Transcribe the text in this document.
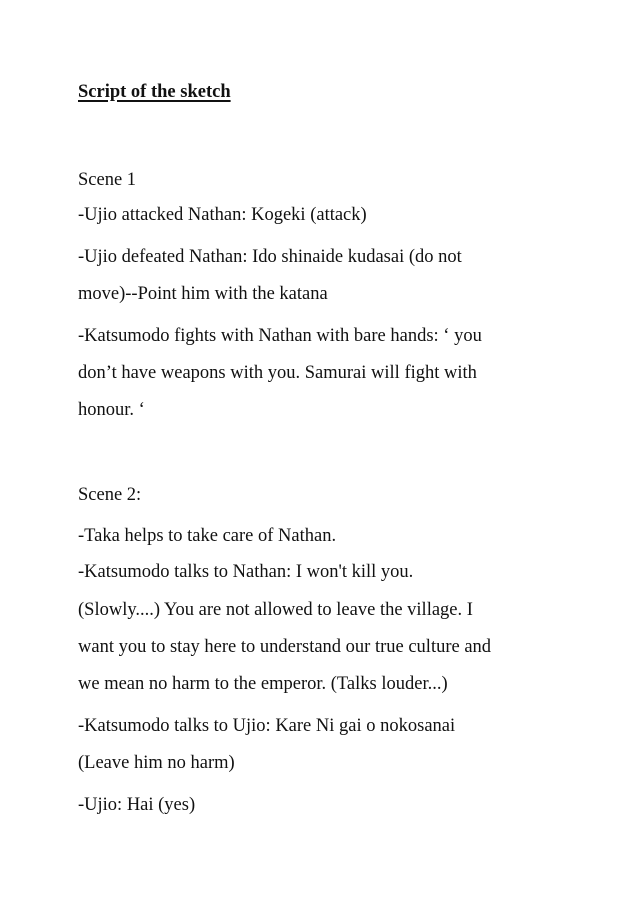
Script of the sketch
Scene 1
-Ujio attacked Nathan: Kogeki (attack)
-Ujio defeated Nathan: Ido shinaide kudasai (do not
move)--Point him with the katana
-Katsumodo fights with Nathan with bare hands: ‘ you
don’t have weapons with you. Samurai will fight with
honour. ‘
Scene 2:
-Taka helps to take care of Nathan.
-Katsumodo talks to Nathan: I won't kill you.
(Slowly....) You are not allowed to leave the village. I
want you to stay here to understand our true culture and
we mean no harm to the emperor. (Talks louder...)
-Katsumodo talks to Ujio: Kare Ni gai o nokosanai
(Leave him no harm)
-Ujio: Hai (yes)
